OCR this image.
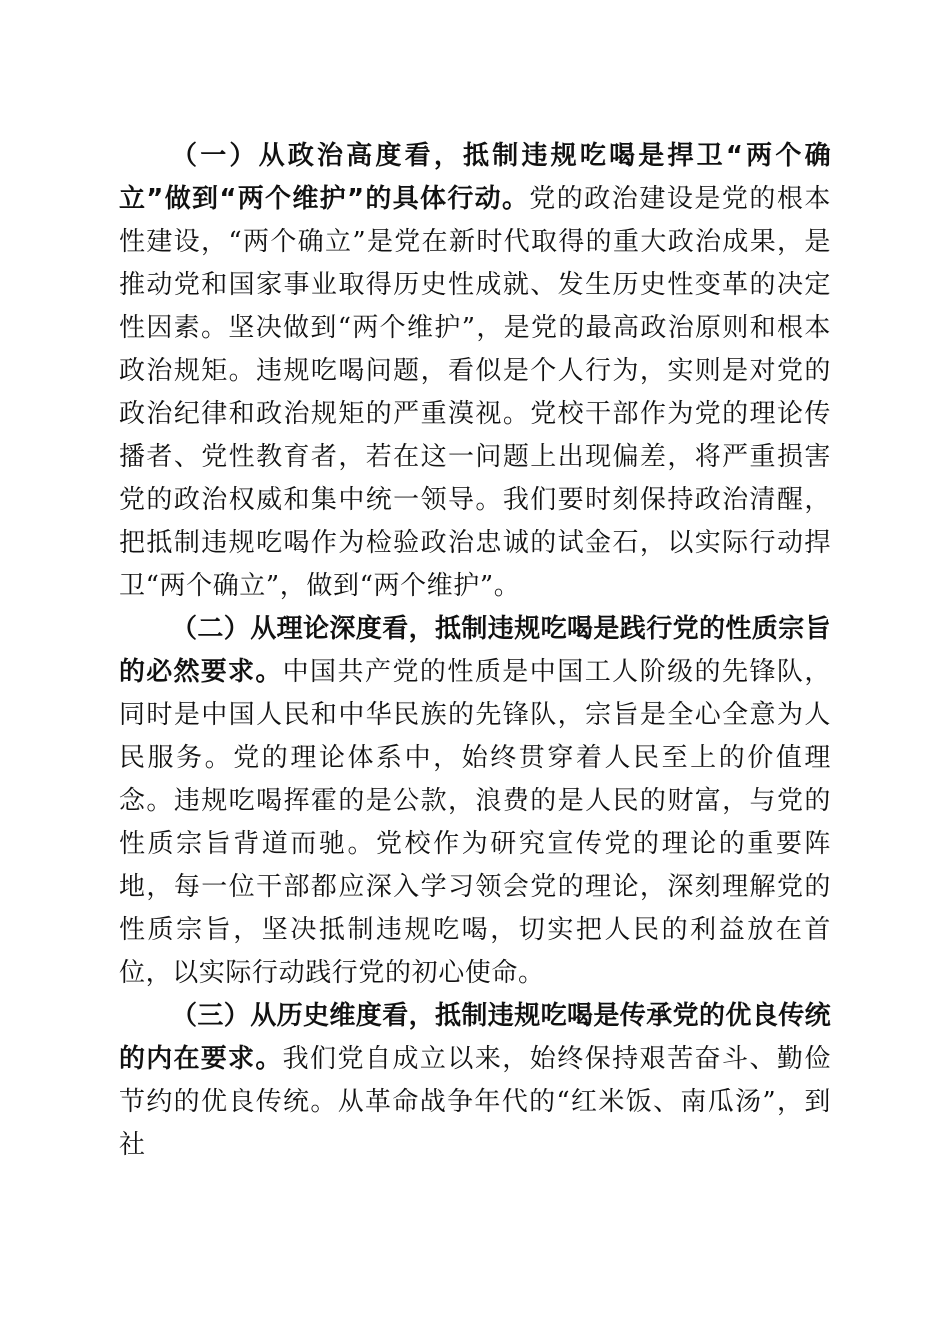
（一）从政治高度看，抵制违规吃喝是捍卫“两个确立”做到“两个维护”的具体行动。党的政治建设是党的根本性建设，“两个确立”是党在新时代取得的重大政治成果，是推动党和国家事业取得历史性成就、发生历史性变革的决定性因素。坚决做到“两个维护”，是党的最高政治原则和根本政治规矩。违规吃喝问题，看似是个人行为，实则是对党的政治纪律和政治规矩的严重漠视。党校干部作为党的理论传播者、党性教育者，若在这一问题上出现偏差，将严重损害党的政治权威和集中统一领导。我们要时刻保持政治清醒，把抵制违规吃喝作为检验政治忠诚的试金石，以实际行动捍卫“两个确立”，做到“两个维护”。

（二）从理论深度看，抵制违规吃喝是践行党的性质宗旨的必然要求。中国共产党的性质是中国工人阶级的先锋队，同时是中国人民和中华民族的先锋队，宗旨是全心全意为人民服务。党的理论体系中，始终贯穿着人民至上的价值理念。违规吃喝挥霍的是公款，浪费的是人民的财富，与党的性质宗旨背道而驰。党校作为研究宣传党的理论的重要阵地，每一位干部都应深入学习领会党的理论，深刻理解党的性质宗旨，坚决抵制违规吃喝，切实把人民的利益放在首位，以实际行动践行党的初心使命。

（三）从历史维度看，抵制违规吃喝是传承党的优良传统的内在要求。我们党自成立以来，始终保持艰苦奋斗、勤俭节约的优良传统。从革命战争年代的“红米饭、南瓜汤”，到社
